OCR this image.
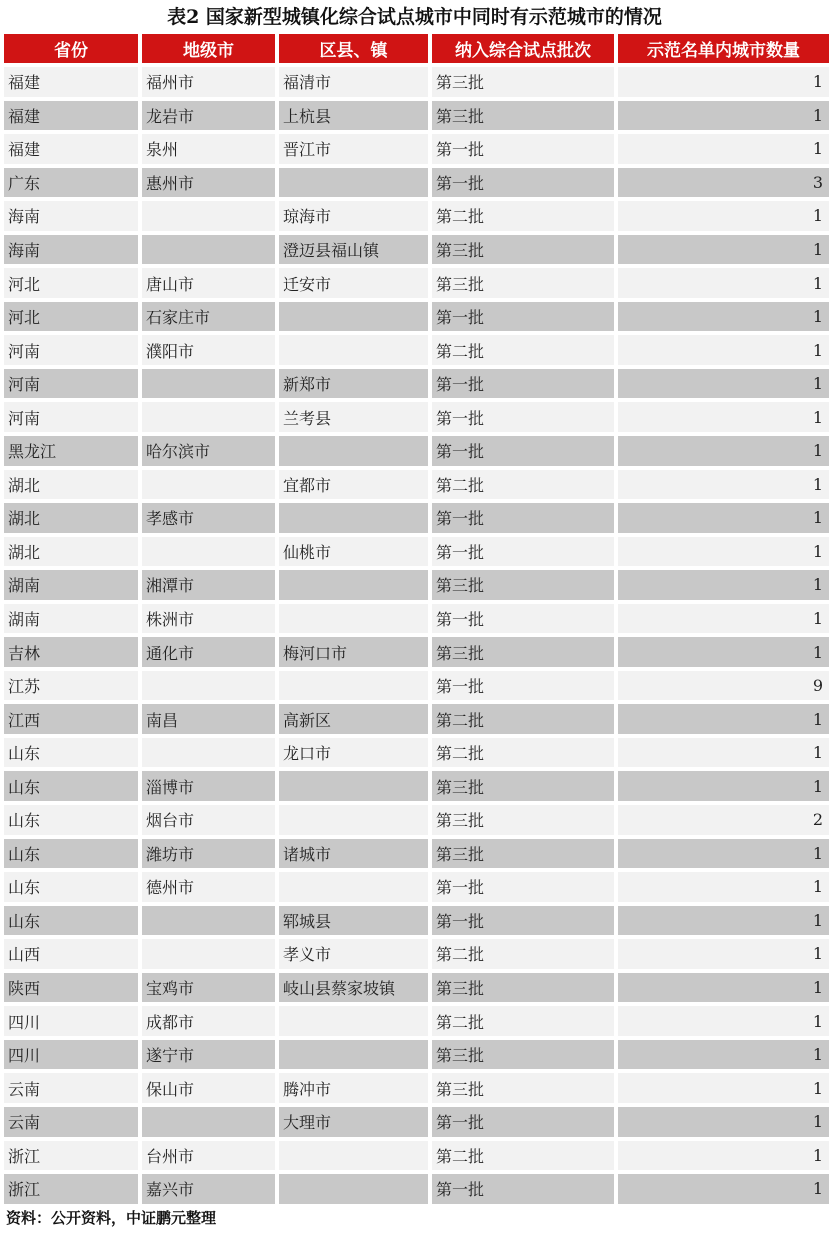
表2 国家新型城镇化综合试点城市中同时有示范城市的情况
省份	地级市	区县、镇	纳入综合试点批次	示范名单内城市数量
福建	福州市	福清市	第三批	1
福建	龙岩市	上杭县	第三批	1
福建	泉州	晋江市	第一批	1
广东	惠州市		第一批	3
海南		琼海市	第二批	1
海南		澄迈县福山镇	第三批	1
河北	唐山市	迁安市	第三批	1
河北	石家庄市		第一批	1
河南	濮阳市		第二批	1
河南		新郑市	第一批	1
河南		兰考县	第一批	1
黑龙江	哈尔滨市		第一批	1
湖北		宜都市	第二批	1
湖北	孝感市		第一批	1
湖北		仙桃市	第一批	1
湖南	湘潭市		第三批	1
湖南	株洲市		第一批	1
吉林	通化市	梅河口市	第三批	1
江苏			第一批	9
江西	南昌	高新区	第二批	1
山东		龙口市	第二批	1
山东	淄博市		第三批	1
山东	烟台市		第三批	2
山东	潍坊市	诸城市	第三批	1
山东	德州市		第一批	1
山东		郓城县	第一批	1
山西		孝义市	第二批	1
陕西	宝鸡市	岐山县蔡家坡镇	第三批	1
四川	成都市		第二批	1
四川	遂宁市		第三批	1
云南	保山市	腾冲市	第三批	1
云南		大理市	第一批	1
浙江	台州市		第二批	1
浙江	嘉兴市		第一批	1
资料：公开资料，中证鹏元整理
